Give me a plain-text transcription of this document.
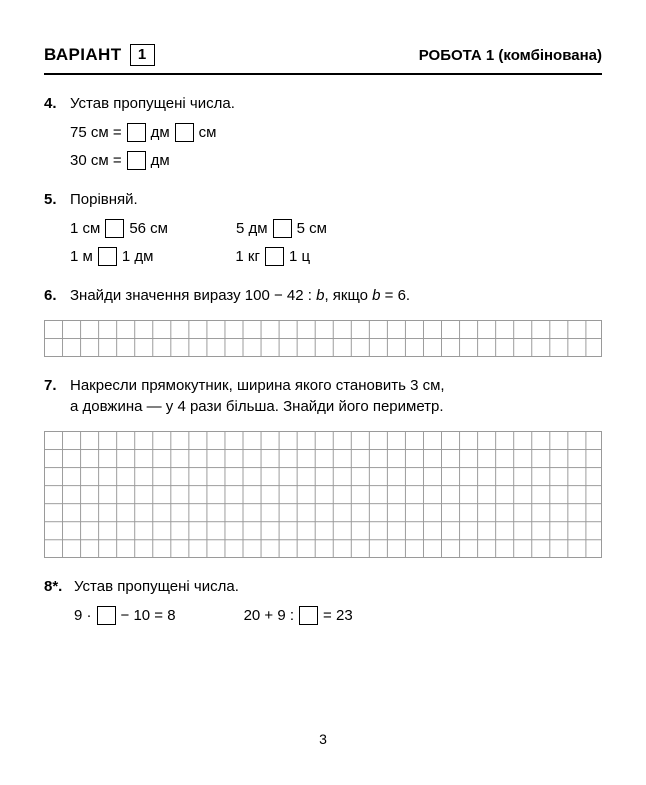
ВАРІАНТ	1	РОБОТА 1 (комбінована)
4. Устав пропущені числа.
75 см = дм см
30 см = дм
5. Порівняй.
1 см 56 см	5 дм 5 см
1 м 1 дм	1 кг 1 ц
6. Знайди значення виразу 100 − 42 : b, якщо b = 6.
7. Накресли прямокутник, ширина якого становить 3 см,
а довжина — у 4 рази більша. Знайди його периметр.
8*. Устав пропущені числа.
9 · − 10 = 8	20 + 9 : = 23
3
